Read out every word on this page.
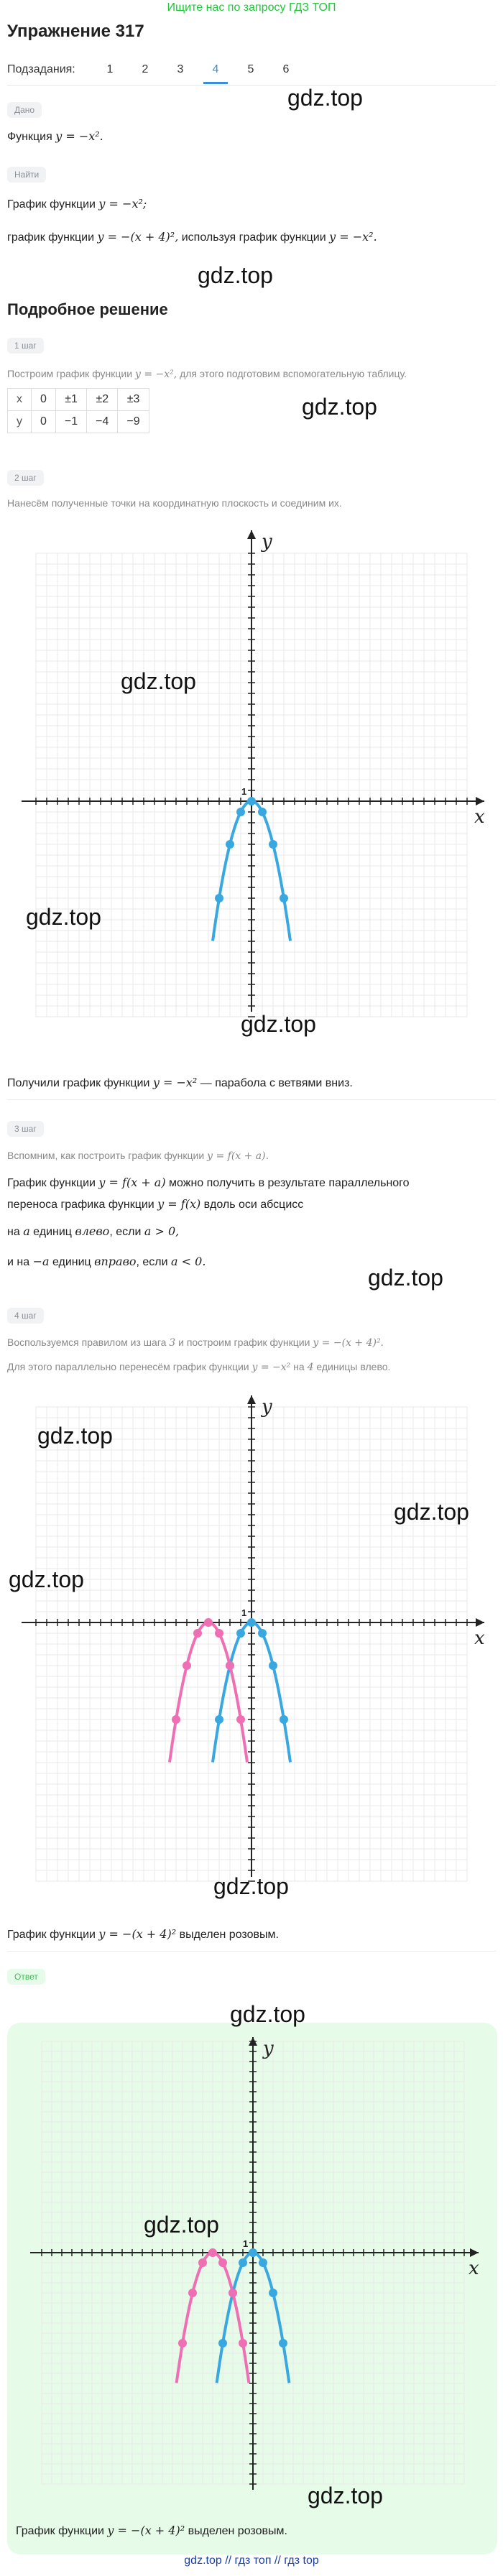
Ищите нас по запросу ГДЗ ТОП
Упражнение 317
Подзадания:	1	2	3	4	5	6
gdz.top
Дано
Функция y = −x².
Найти
График функции y = −x²;
график функции y = −(x + 4)², используя график функции y = −x².
gdz.top
Подробное решение
1 шаг
Построим график функции y = −x², для этого подготовим вспомогательную таблицу.
gdz.top
x	0	±1	±2	±3
y	0	−1	−4	−9
2 шаг
Нанесём полученные точки на координатную плоскость и соединим их.
x
y
1
gdz.top
gdz.top
gdz.top
Получили график функции y = −x² — парабола с ветвями вниз.
3 шаг
Вспомним, как построить график функции y = f(x + a).
График функции y = f(x + a) можно получить в результате параллельного
переноса графика функции y = f(x) вдоль оси абсцисс
на a единиц влево, если a > 0,
и на −a единиц вправо, если a < 0.
gdz.top
4 шаг
Воспользуемся правилом из шага 3 и построим график функции y = −(x + 4)².
Для этого параллельно перенесём график функции y = −x² на 4 единицы влево.
x
y
1
gdz.top
gdz.top
gdz.top
gdz.top
График функции y = −(x + 4)² выделен розовым.
Ответ
x
y
1
gdz.top
gdz.top
gdz.top
График функции y = −(x + 4)² выделен розовым.
gdz.top // гдз топ // гдз top
